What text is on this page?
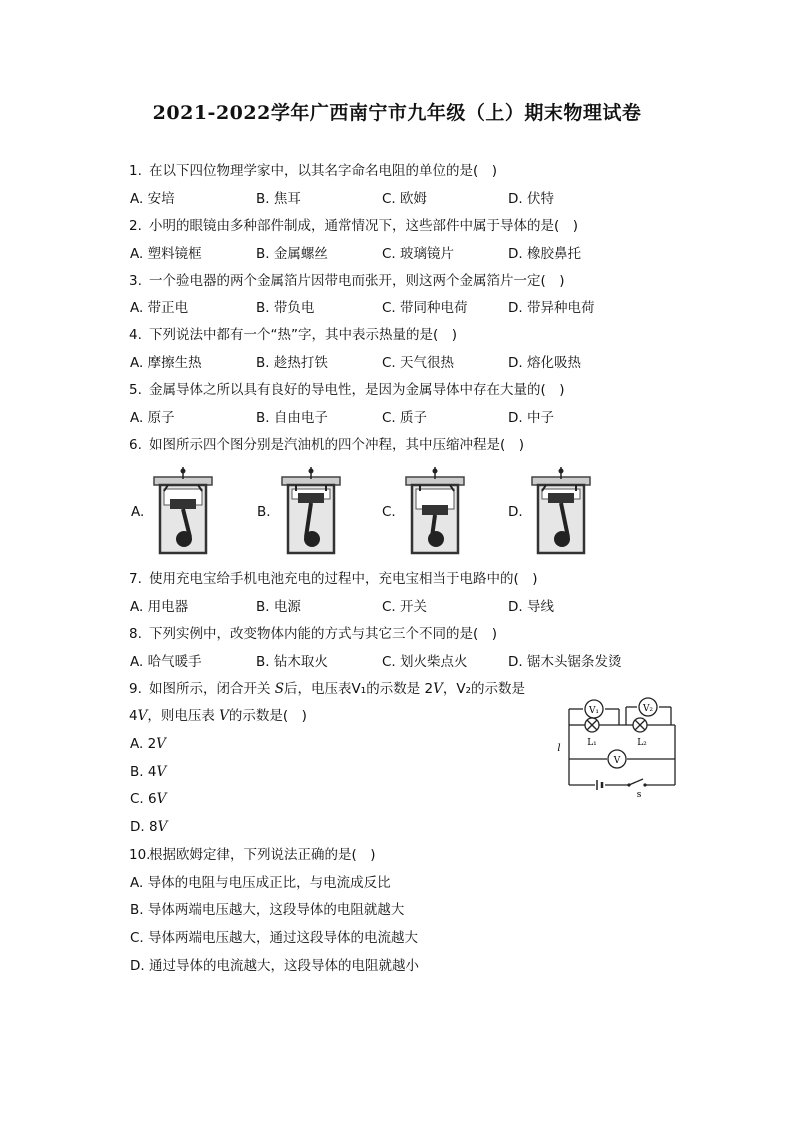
2021-2022学年广西南宁市九年级（上）期末物理试卷
1. 在以下四位物理学家中，以其名字命名电阻的单位的是(　)
A. 安培	B. 焦耳	C. 欧姆	D. 伏特
2. 小明的眼镜由多种部件制成，通常情况下，这些部件中属于导体的是(　)
A. 塑料镜框	B. 金属螺丝	C. 玻璃镜片	D. 橡胶鼻托
3. 一个验电器的两个金属箔片因带电而张开，则这两个金属箔片一定(　)
A. 带正电	B. 带负电	C. 带同种电荷	D. 带异种电荷
4. 下列说法中都有一个“热”字，其中表示热量的是(　)
A. 摩擦生热	B. 趁热打铁	C. 天气很热	D. 熔化吸热
5. 金属导体之所以具有良好的导电性，是因为金属导体中存在大量的(　)
A. 原子	B. 自由电子	C. 质子	D. 中子
6. 如图所示四个图分别是汽油机的四个冲程，其中压缩冲程是(　)
A.	B.	C.	D.
7. 使用充电宝给手机电池充电的过程中，充电宝相当于电路中的(　)
A. 用电器	B. 电源	C. 开关	D. 导线
8. 下列实例中，改变物体内能的方式与其它三个不同的是(　)
A. 哈气暖手	B. 钻木取火	C. 划火柴点火	D. 锯木头锯条发烫
9. 如图所示，闭合开关 S后，电压表V₁的示数是 2V，V₂的示数是
4V，则电压表 V的示数是(　)
A. 2V
B. 4V
C. 6V
D. 8V
V₁	V₂
L₁	L₂
V
s
l
10.根据欧姆定律，下列说法正确的是(　)
A. 导体的电阻与电压成正比，与电流成反比
B. 导体两端电压越大，这段导体的电阻就越大
C. 导体两端电压越大，通过这段导体的电流越大
D. 通过导体的电流越大，这段导体的电阻就越小
